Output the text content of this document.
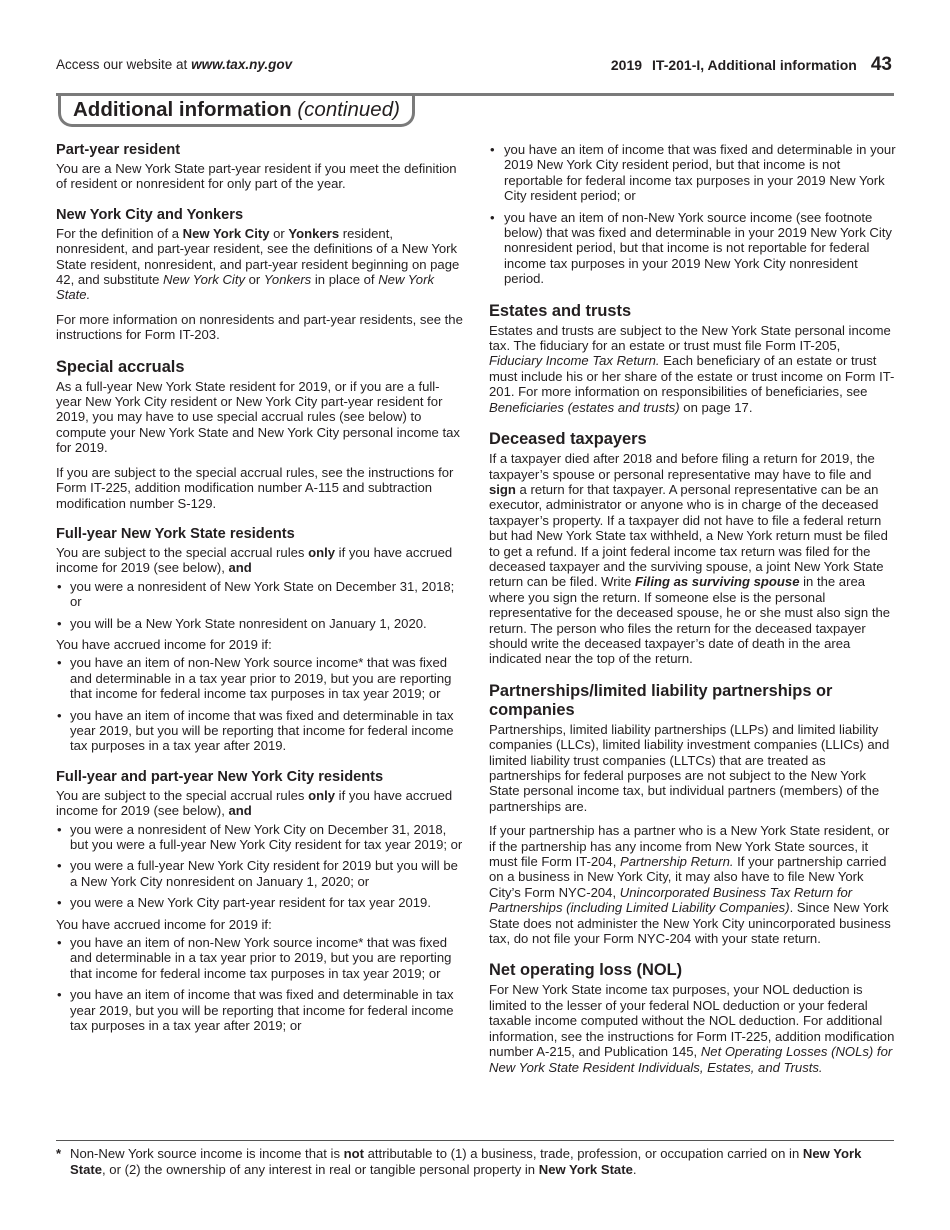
Access our website at www.tax.ny.gov	2019 IT-201-I, Additional information 43
Additional information (continued)
Part-year resident

You are a New York State part-year resident if you meet the definition of resident or nonresident for only part of the year.

New York City and Yonkers

For the definition of a New York City or Yonkers resident, nonresident, and part-year resident, see the definitions of a New York State resident, nonresident, and part-year resident beginning on page 42, and substitute New York City or Yonkers in place of New York State.

For more information on nonresidents and part-year residents, see the instructions for Form IT-203.

Special accruals

As a full-year New York State resident for 2019, or if you are a full-year New York City resident or New York City part-year resident for 2019, you may have to use special accrual rules (see below) to compute your New York State and New York City personal income tax for 2019.

If you are subject to the special accrual rules, see the instructions for Form IT-225, addition modification number A-115 and subtraction modification number S-129.

Full-year New York State residents

You are subject to the special accrual rules only if you have accrued income for 2019 (see below), and

• you were a nonresident of New York State on December 31, 2018; or
• you will be a New York State nonresident on January 1, 2020.

You have accrued income for 2019 if:

• you have an item of non-New York source income* that was fixed and determinable in a tax year prior to 2019, but you are reporting that income for federal income tax purposes in tax year 2019; or
• you have an item of income that was fixed and determinable in tax year 2019, but you will be reporting that income for federal income tax purposes in a tax year after 2019.
Full-year and part-year New York City residents

You are subject to the special accrual rules only if you have accrued income for 2019 (see below), and

• you were a nonresident of New York City on December 31, 2018, but you were a full-year New York City resident for tax year 2019; or
• you were a full-year New York City resident for 2019 but you will be a New York City nonresident on January 1, 2020; or
• you were a New York City part-year resident for tax year 2019.

You have accrued income for 2019 if:

• you have an item of non-New York source income* that was fixed and determinable in a tax year prior to 2019, but you are reporting that income for federal income tax purposes in tax year 2019; or
• you have an item of income that was fixed and determinable in tax year 2019, but you will be reporting that income for federal income tax purposes in a tax year after 2019; or
• you have an item of income that was fixed and determinable in your 2019 New York City resident period, but that income is not reportable for federal income tax purposes in your 2019 New York City resident period; or
• you have an item of non-New York source income (see footnote below) that was fixed and determinable in your 2019 New York City nonresident period, but that income is not reportable for federal income tax purposes in your 2019 New York City nonresident period.
Estates and trusts

Estates and trusts are subject to the New York State personal income tax. The fiduciary for an estate or trust must file Form IT-205, Fiduciary Income Tax Return. Each beneficiary of an estate or trust must include his or her share of the estate or trust income on Form IT-201. For more information on responsibilities of beneficiaries, see Beneficiaries (estates and trusts) on page 17.

Deceased taxpayers

If a taxpayer died after 2018 and before filing a return for 2019, the taxpayer’s spouse or personal representative may have to file and sign a return for that taxpayer. A personal representative can be an executor, administrator or anyone who is in charge of the deceased taxpayer’s property. If a taxpayer did not have to file a federal return but had New York State tax withheld, a New York return must be filed to get a refund. If a joint federal income tax return was filed for the deceased taxpayer and the surviving spouse, a joint New York State return can be filed. Write Filing as surviving spouse in the area where you sign the return. If someone else is the personal representative for the deceased spouse, he or she must also sign the return. The person who files the return for the deceased taxpayer should write the deceased taxpayer’s date of death in the area indicated near the top of the return.

Partnerships/limited liability partnerships or companies

Partnerships, limited liability partnerships (LLPs) and limited liability companies (LLCs), limited liability investment companies (LLICs) and limited liability trust companies (LLTCs) that are treated as partnerships for federal purposes are not subject to the New York State personal income tax, but individual partners (members) of the partnerships are.

If your partnership has a partner who is a New York State resident, or if the partnership has any income from New York State sources, it must file Form IT-204, Partnership Return. If your partnership carried on a business in New York City, it may also have to file New York City’s Form NYC-204, Unincorporated Business Tax Return for Partnerships (including Limited Liability Companies). Since New York State does not administer the New York City unincorporated business tax, do not file your Form NYC-204 with your state return.

Net operating loss (NOL)

For New York State income tax purposes, your NOL deduction is limited to the lesser of your federal NOL deduction or your federal taxable income computed without the NOL deduction. For additional information, see the instructions for Form IT-225, addition modification number A-215, and Publication 145, Net Operating Losses (NOLs) for New York State Resident Individuals, Estates, and Trusts.

* Non-New York source income is income that is not attributable to (1) a business, trade, profession, or occupation carried on in New York State, or (2) the ownership of any interest in real or tangible personal property in New York State.
